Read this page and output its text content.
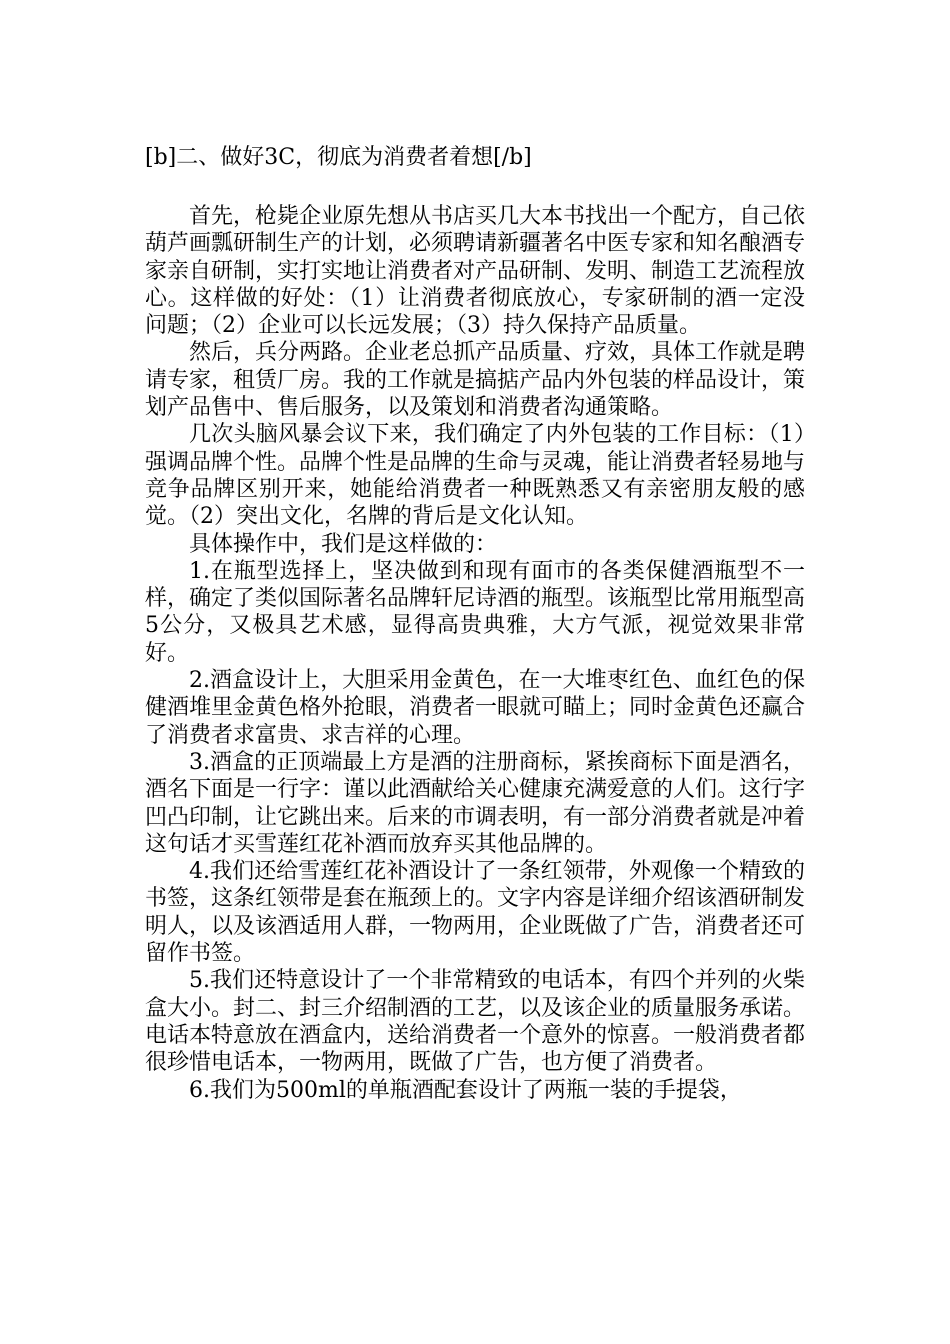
[b]二、做好3C，彻底为消费者着想[/b]

首先，枪毙企业原先想从书店买几大本书找出一个配方，自己依葫芦画瓢研制生产的计划，必须聘请新疆著名中医专家和知名酿酒专家亲自研制，实打实地让消费者对产品研制、发明、制造工艺流程放心。这样做的好处：（1）让消费者彻底放心，专家研制的酒一定没问题；（2）企业可以长远发展；（3）持久保持产品质量。

然后，兵分两路。企业老总抓产品质量、疗效，具体工作就是聘请专家，租赁厂房。我的工作就是搞掂产品内外包装的样品设计，策划产品售中、售后服务，以及策划和消费者沟通策略。

几次头脑风暴会议下来，我们确定了内外包装的工作目标：（1）强调品牌个性。品牌个性是品牌的生命与灵魂，能让消费者轻易地与竞争品牌区别开来，她能给消费者一种既熟悉又有亲密朋友般的感觉。（2）突出文化，名牌的背后是文化认知。

具体操作中，我们是这样做的：

1.在瓶型选择上，坚决做到和现有面市的各类保健酒瓶型不一样，确定了类似国际著名品牌轩尼诗酒的瓶型。该瓶型比常用瓶型高5公分，又极具艺术感，显得高贵典雅，大方气派，视觉效果非常好。

2.酒盒设计上，大胆采用金黄色，在一大堆枣红色、血红色的保健酒堆里金黄色格外抢眼，消费者一眼就可瞄上；同时金黄色还赢合了消费者求富贵、求吉祥的心理。

3.酒盒的正顶端最上方是酒的注册商标，紧挨商标下面是酒名，酒名下面是一行字：谨以此酒献给关心健康充满爱意的人们。这行字凹凸印制，让它跳出来。后来的市调表明，有一部分消费者就是冲着这句话才买雪莲红花补酒而放弃买其他品牌的。

4.我们还给雪莲红花补酒设计了一条红领带，外观像一个精致的书签，这条红领带是套在瓶颈上的。文字内容是详细介绍该酒研制发明人，以及该酒适用人群，一物两用，企业既做了广告，消费者还可留作书签。

5.我们还特意设计了一个非常精致的电话本，有四个并列的火柴盒大小。封二、封三介绍制酒的工艺，以及该企业的质量服务承诺。电话本特意放在酒盒内，送给消费者一个意外的惊喜。一般消费者都很珍惜电话本，一物两用，既做了广告，也方便了消费者。

6.我们为500ml的单瓶酒配套设计了两瓶一装的手提袋，
